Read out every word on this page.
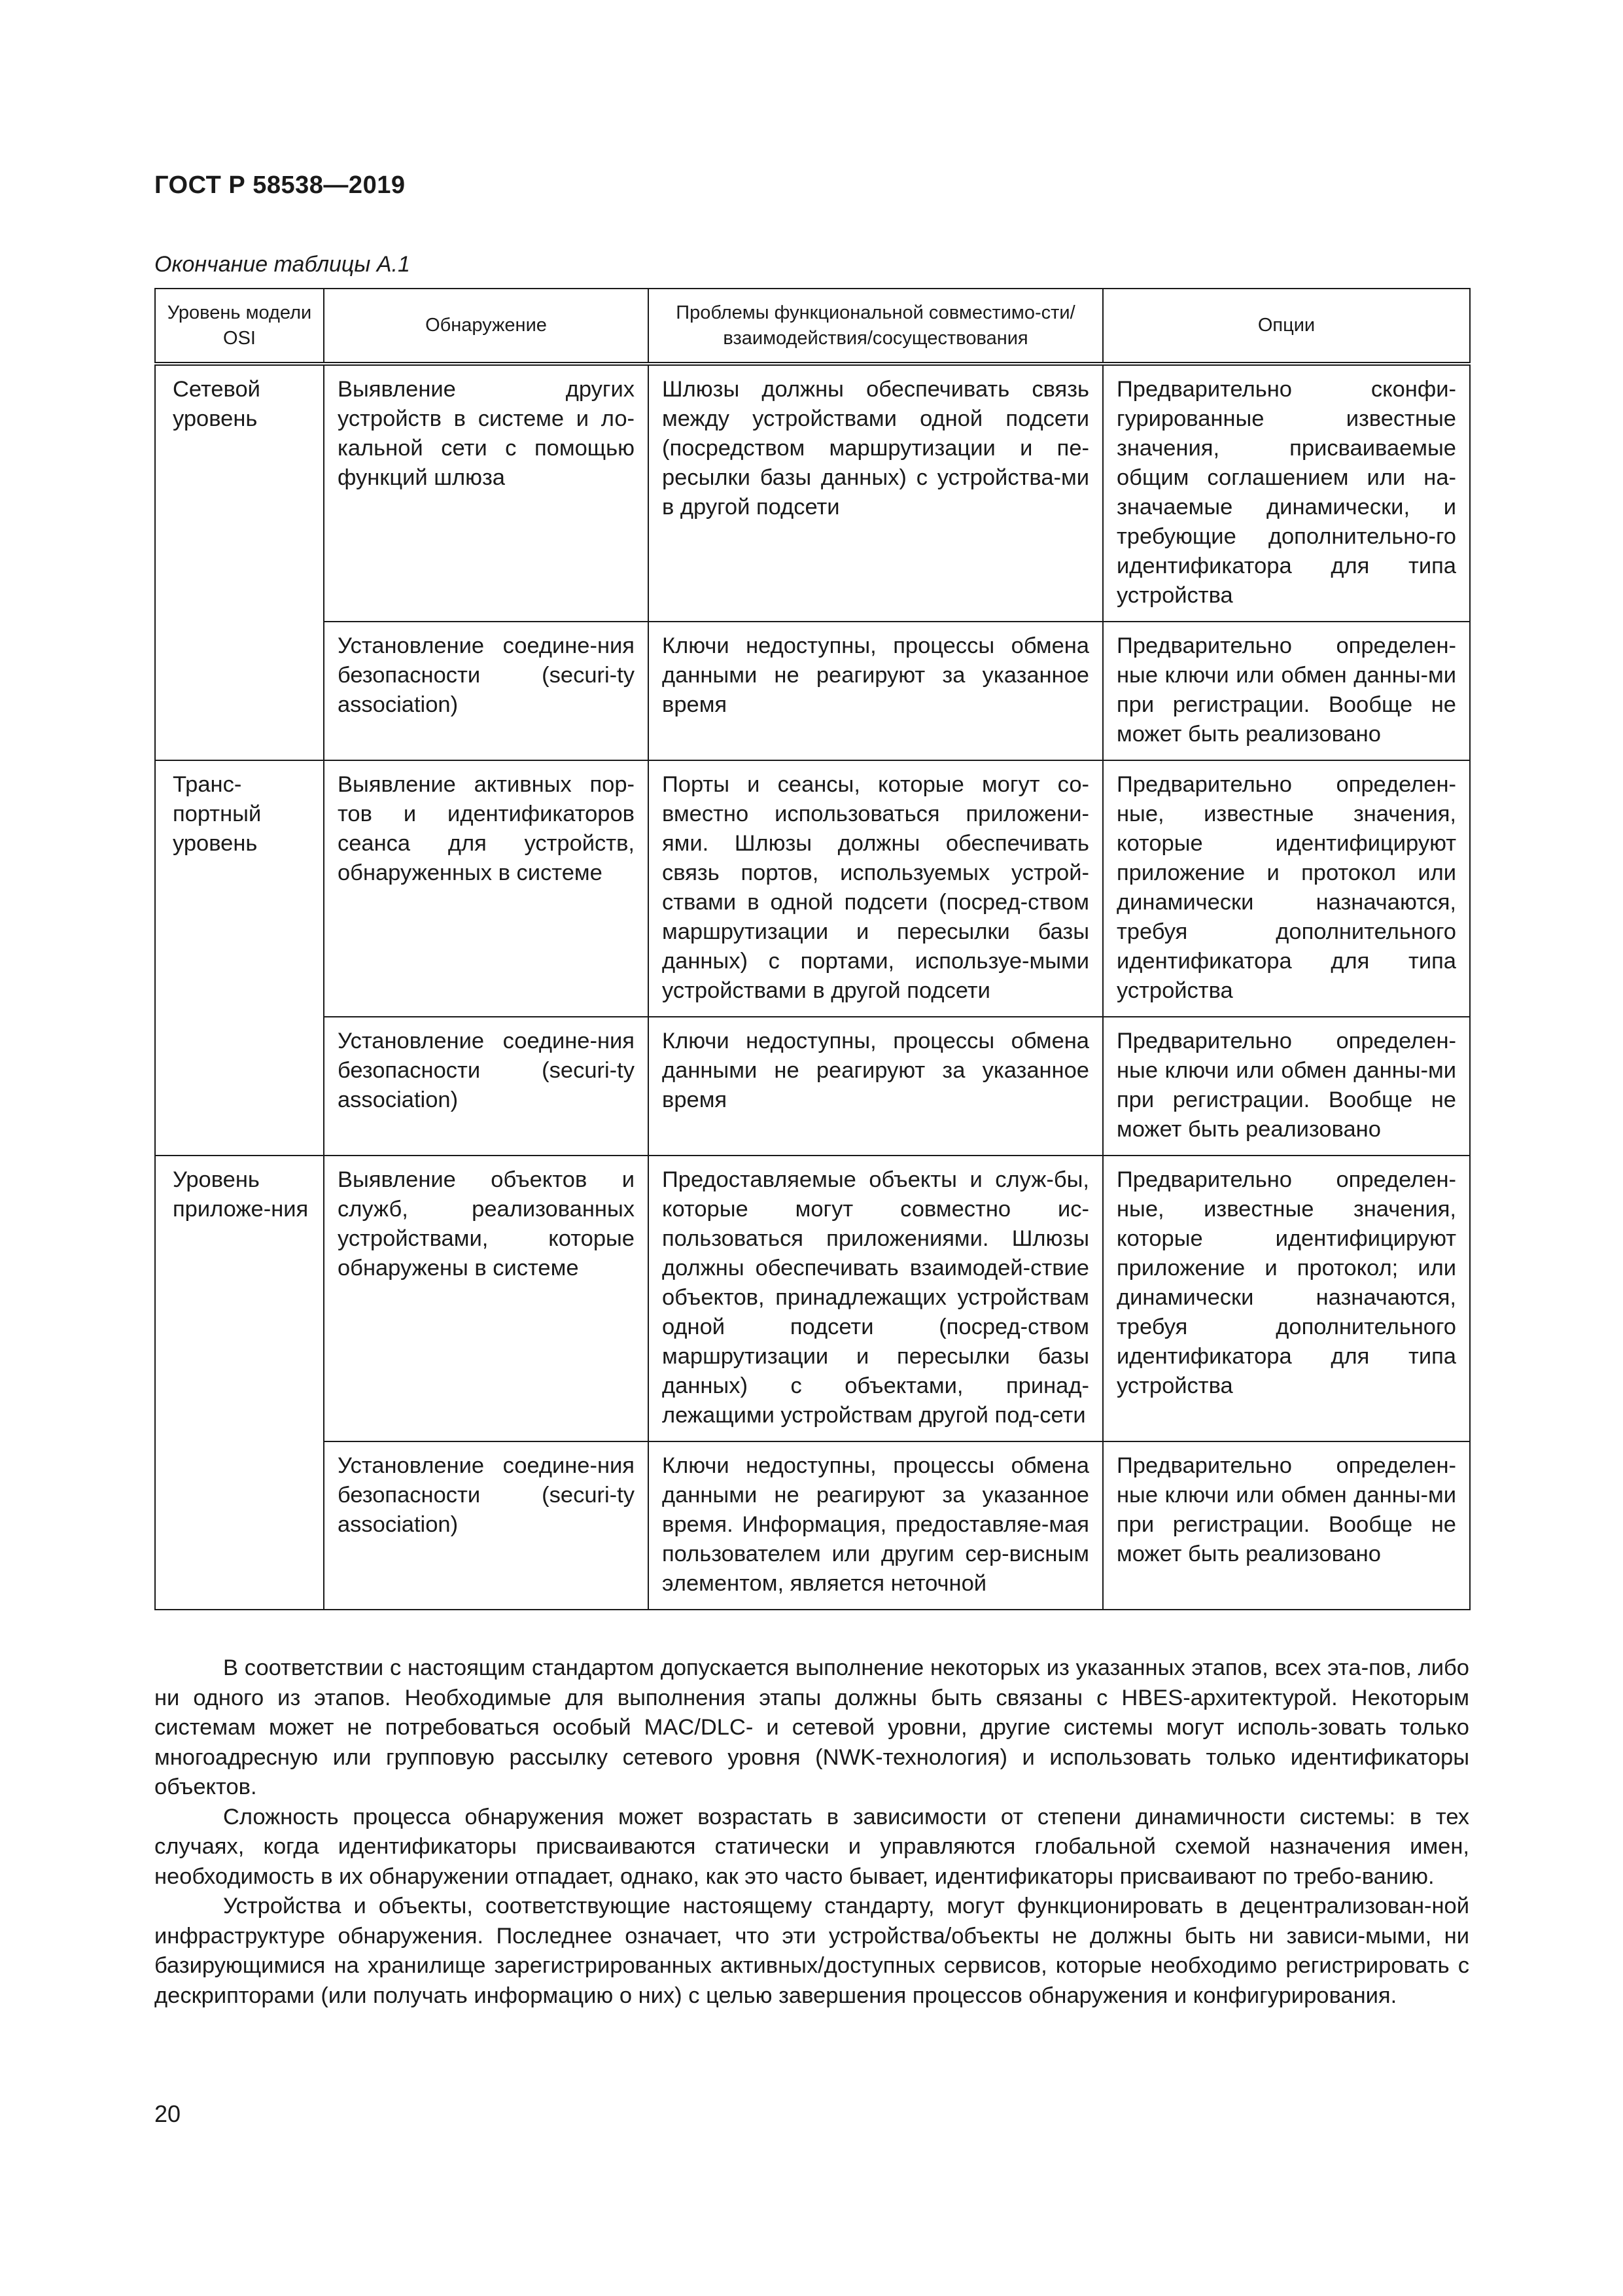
ГОСТ Р 58538—2019
Окончание таблицы А.1
Уровень модели OSI	Обнаружение	Проблемы функциональной совместимо-сти/взаимодействия/сосуществования	Опции
Сетевой уровень	Выявление других устройств в системе и ло-кальной сети с помощью функций шлюза	Шлюзы должны обеспечивать связь между устройствами одной подсети (посредством маршрутизации и пе-ресылки базы данных) с устройства-ми в другой подсети	Предварительно сконфи-гурированные известные значения, присваиваемые общим соглашением или на-значаемые динамически, и требующие дополнительно-го идентификатора для типа устройства
	Установление соедине-ния безопасности (securi-ty association)	Ключи недоступны, процессы обмена данными не реагируют за указанное время	Предварительно определен-ные ключи или обмен данны-ми при регистрации. Вообще не может быть реализовано
Транс-портный уровень	Выявление активных пор-тов и идентификаторов сеанса для устройств, обнаруженных в системе	Порты и сеансы, которые могут со-вместно использоваться приложени-ями. Шлюзы должны обеспечивать связь портов, используемых устрой-ствами в одной подсети (посред-ством маршрутизации и пересылки базы данных) с портами, используе-мыми устройствами в другой подсети	Предварительно определен-ные, известные значения, которые идентифицируют приложение и протокол или динамически назначаются, требуя дополнительного идентификатора для типа устройства
	Установление соедине-ния безопасности (securi-ty association)	Ключи недоступны, процессы обмена данными не реагируют за указанное время	Предварительно определен-ные ключи или обмен данны-ми при регистрации. Вообще не может быть реализовано
Уровень приложе-ния	Выявление объектов и служб, реализованных устройствами, которые обнаружены в системе	Предоставляемые объекты и служ-бы, которые могут совместно ис-пользоваться приложениями. Шлюзы должны обеспечивать взаимодей-ствие объектов, принадлежащих устройствам одной подсети (посред-ством маршрутизации и пересылки базы данных) с объектами, принад-лежащими устройствам другой под-сети	Предварительно определен-ные, известные значения, которые идентифицируют приложение и протокол; или динамически назначаются, требуя дополнительного идентификатора для типа устройства
	Установление соедине-ния безопасности (securi-ty association)	Ключи недоступны, процессы обмена данными не реагируют за указанное время. Информация, предоставляе-мая пользователем или другим сер-висным элементом, является неточной	Предварительно определен-ные ключи или обмен данны-ми при регистрации. Вообще не может быть реализовано

В соответствии с настоящим стандартом допускается выполнение некоторых из указанных этапов, всех эта-пов, либо ни одного из этапов. Необходимые для выполнения этапы должны быть связаны с HBES-архитектурой. Некоторым системам может не потребоваться особый MAC/DLC- и сетевой уровни, другие системы могут исполь-зовать только многоадресную или групповую рассылку сетевого уровня (NWK-технология) и использовать только идентификаторы объектов.

Сложность процесса обнаружения может возрастать в зависимости от степени динамичности системы: в тех случаях, когда идентификаторы присваиваются статически и управляются глобальной схемой назначения имен, необходимость в их обнаружении отпадает, однако, как это часто бывает, идентификаторы присваивают по требо-ванию.

Устройства и объекты, соответствующие настоящему стандарту, могут функционировать в децентрализован-ной инфраструктуре обнаружения. Последнее означает, что эти устройства/объекты не должны быть ни зависи-мыми, ни базирующимися на хранилище зарегистрированных активных/доступных сервисов, которые необходимо регистрировать с дескрипторами (или получать информацию о них) с целью завершения процессов обнаружения и конфигурирования.

20
